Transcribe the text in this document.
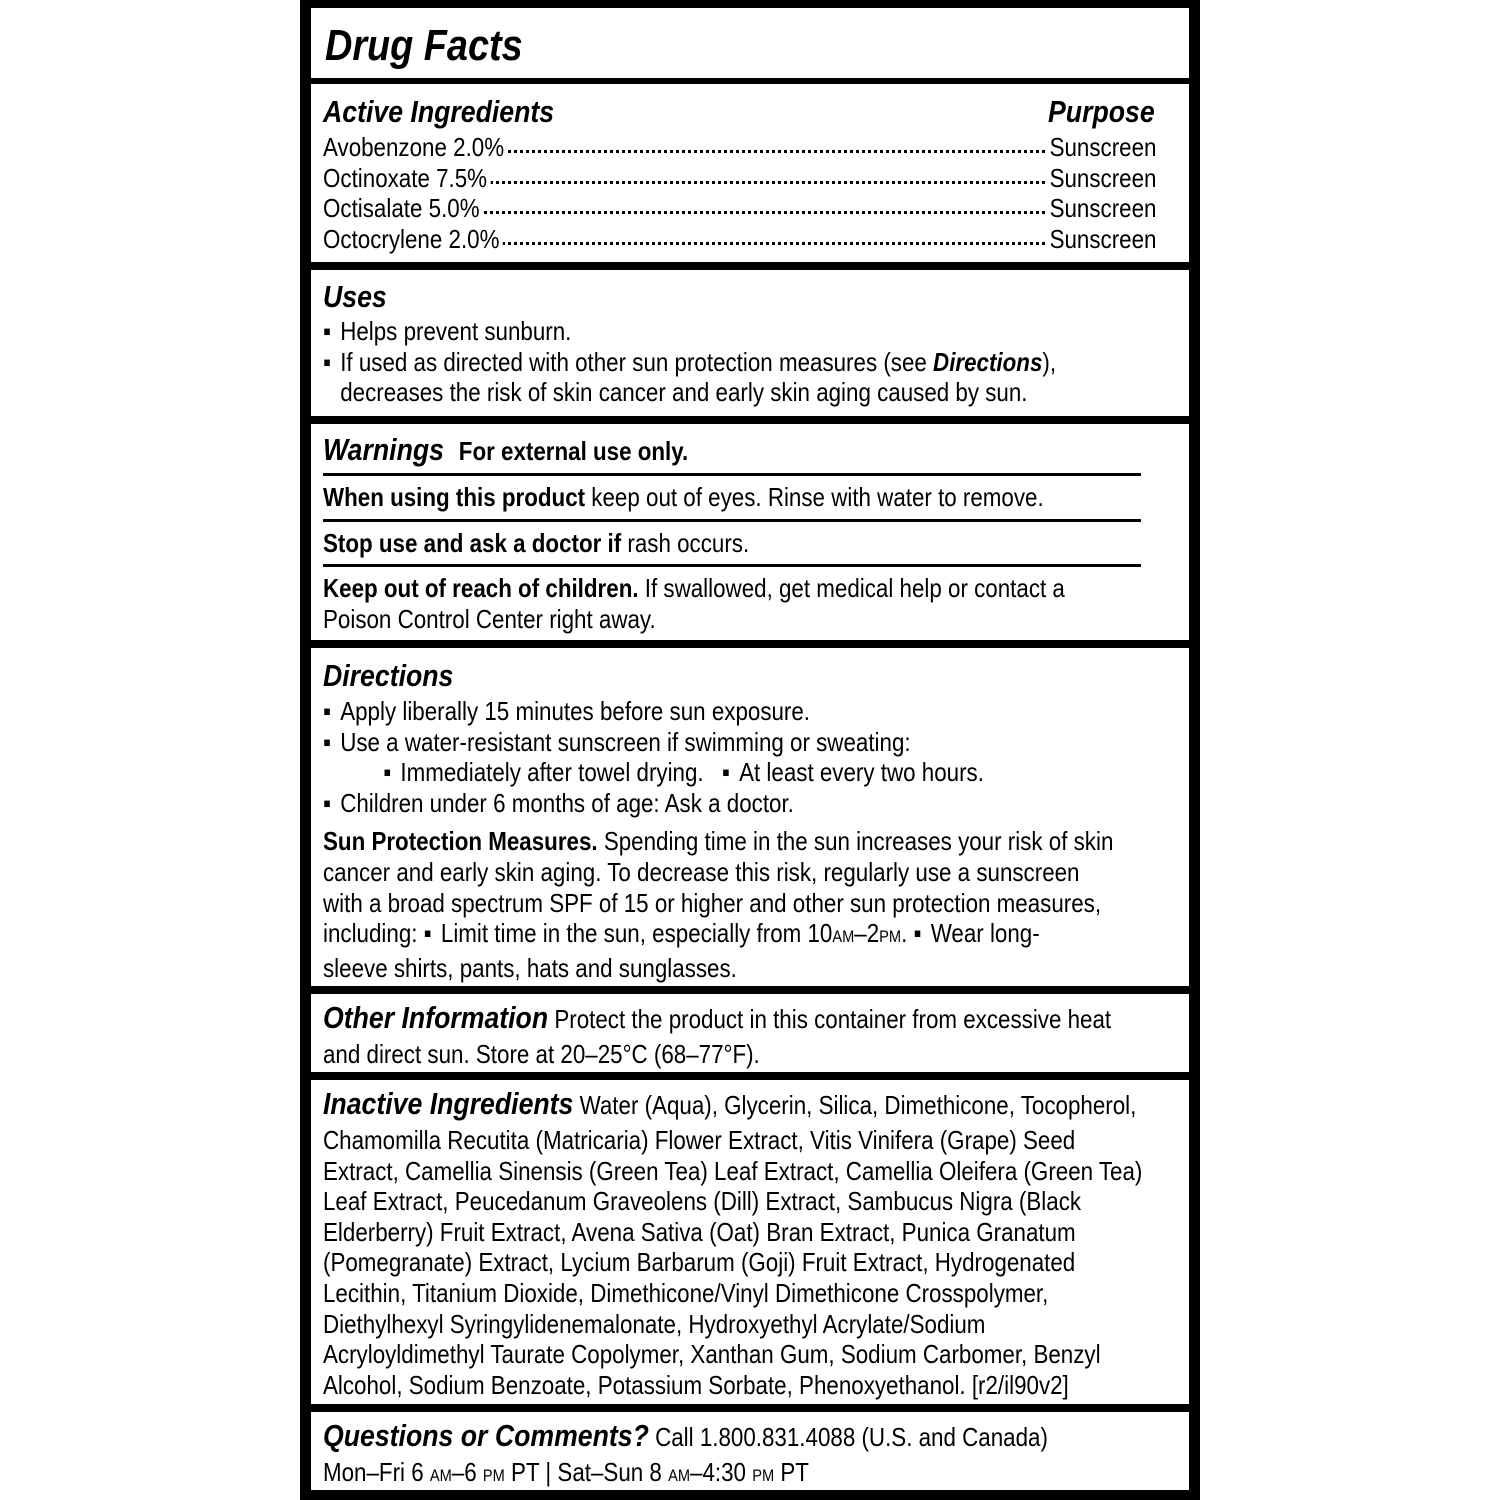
Drug Facts
Active Ingredients	Purpose
Avobenzone 2.0%	Sunscreen
Octinoxate 7.5%	Sunscreen
Octisalate 5.0%	Sunscreen
Octocrylene 2.0%	Sunscreen
Uses
▪ Helps prevent sunburn.
▪ If used as directed with other sun protection measures (see Directions),
decreases the risk of skin cancer and early skin aging caused by sun.
Warnings For external use only.
When using this product keep out of eyes. Rinse with water to remove.
Stop use and ask a doctor if rash occurs.
Keep out of reach of children. If swallowed, get medical help or contact a
Poison Control Center right away.
Directions
▪ Apply liberally 15 minutes before sun exposure.
▪ Use a water-resistant sunscreen if swimming or sweating:
▪ Immediately after towel drying. ▪ At least every two hours.
▪ Children under 6 months of age: Ask a doctor.
Sun Protection Measures. Spending time in the sun increases your risk of skin
cancer and early skin aging. To decrease this risk, regularly use a sunscreen
with a broad spectrum SPF of 15 or higher and other sun protection measures,
including: ▪ Limit time in the sun, especially from 10AM–2PM. ▪ Wear long-
sleeve shirts, pants, hats and sunglasses.
Other Information Protect the product in this container from excessive heat
and direct sun. Store at 20–25°C (68–77°F).
Inactive Ingredients Water (Aqua), Glycerin, Silica, Dimethicone, Tocopherol,
Chamomilla Recutita (Matricaria) Flower Extract, Vitis Vinifera (Grape) Seed
Extract, Camellia Sinensis (Green Tea) Leaf Extract, Camellia Oleifera (Green Tea)
Leaf Extract, Peucedanum Graveolens (Dill) Extract, Sambucus Nigra (Black
Elderberry) Fruit Extract, Avena Sativa (Oat) Bran Extract, Punica Granatum
(Pomegranate) Extract, Lycium Barbarum (Goji) Fruit Extract, Hydrogenated
Lecithin, Titanium Dioxide, Dimethicone/Vinyl Dimethicone Crosspolymer,
Diethylhexyl Syringylidenemalonate, Hydroxyethyl Acrylate/Sodium
Acryloyldimethyl Taurate Copolymer, Xanthan Gum, Sodium Carbomer, Benzyl
Alcohol, Sodium Benzoate, Potassium Sorbate, Phenoxyethanol. [r2/il90v2]
Questions or Comments? Call 1.800.831.4088 (U.S. and Canada)
Mon–Fri 6 AM–6 PM PT | Sat–Sun 8 AM–4:30 PM PT
